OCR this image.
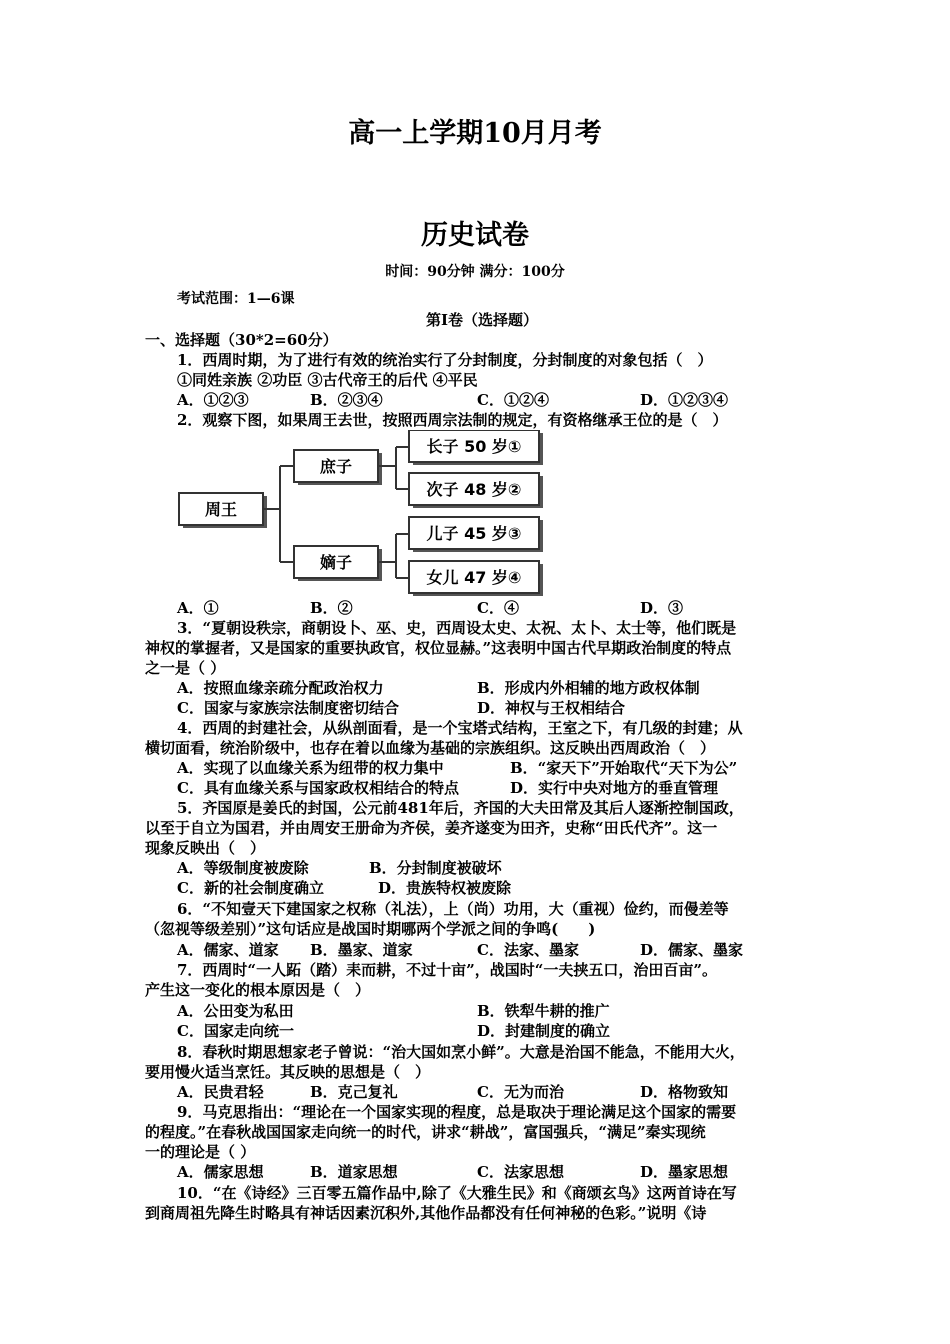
高一上学期10月月考
历史试卷
时间：90分钟 满分：100分
考试范围：1—6课
第Ⅰ卷（选择题）
一、选择题（30*2=60分）
1．西周时期，为了进行有效的统治实行了分封制度，分封制度的对象包括（　）
①同姓亲族 ②功臣 ③古代帝王的后代 ④平民
A．①②③	B．②③④	C．①②④	D．①②③④
2．观察下图，如果周王去世，按照西周宗法制的规定，有资格继承王位的是（　）
周王
庶子
嫡子
长子 50 岁①
次子 48 岁②
儿子 45 岁③
女儿 47 岁④
A．①	B．②	C．④	D．③
3．“夏朝设秩宗，商朝设卜、巫、史，西周设太史、太祝、太卜、太士等，他们既是
神权的掌握者，又是国家的重要执政官，权位显赫。”这表明中国古代早期政治制度的特点
之一是（ ）
A．按照血缘亲疏分配政治权力	B．形成内外相辅的地方政权体制
C．国家与家族宗法制度密切结合	D．神权与王权相结合
4．西周的封建社会，从纵剖面看，是一个宝塔式结构，王室之下，有几级的封建；从
横切面看，统治阶级中，也存在着以血缘为基础的宗族组织。这反映出西周政治（　）
A．实现了以血缘关系为纽带的权力集中	B．“家天下”开始取代“天下为公”
C．具有血缘关系与国家政权相结合的特点	D．实行中央对地方的垂直管理
5．齐国原是姜氏的封国，公元前481年后，齐国的大夫田常及其后人逐渐控制国政，
以至于自立为国君，并由周安王册命为齐侯，姜齐遂变为田齐，史称“田氏代齐”。这一
现象反映出（　）
A．等级制度被废除	B．分封制度被破坏
C．新的社会制度确立	D．贵族特权被废除
6．“不知壹天下建国家之权称（礼法），上（尚）功用，大（重视）俭约，而僈差等
（忽视等级差别）”这句话应是战国时期哪两个学派之间的争鸣(　　)
A．儒家、道家 B．墨家、道家	C．法家、墨家	D．儒家、墨家
7．西周时“一人跖（踏）耒而耕，不过十亩”，战国时“一夫挟五口，治田百亩”。
产生这一变化的根本原因是（　）
A．公田变为私田	B．铁犁牛耕的推广
C．国家走向统一	D．封建制度的确立
8．春秋时期思想家老子曾说：“治大国如烹小鲜”。大意是治国不能急，不能用大火，
要用慢火适当烹饪。其反映的思想是（　）
A．民贵君轻	B．克己复礼	C．无为而治	D．格物致知
9．马克思指出：“理论在一个国家实现的程度，总是取决于理论满足这个国家的需要
的程度。”在春秋战国国家走向统一的时代，讲求“耕战”，富国强兵，“满足”秦实现统
一的理论是（ ）
A．儒家思想	B．道家思想	C．法家思想	D．墨家思想
10．“在《诗经》三百零五篇作品中,除了《大雅生民》和《商颂玄鸟》这两首诗在写
到商周祖先降生时略具有神话因素沉积外,其他作品都没有任何神秘的色彩。”说明《诗
